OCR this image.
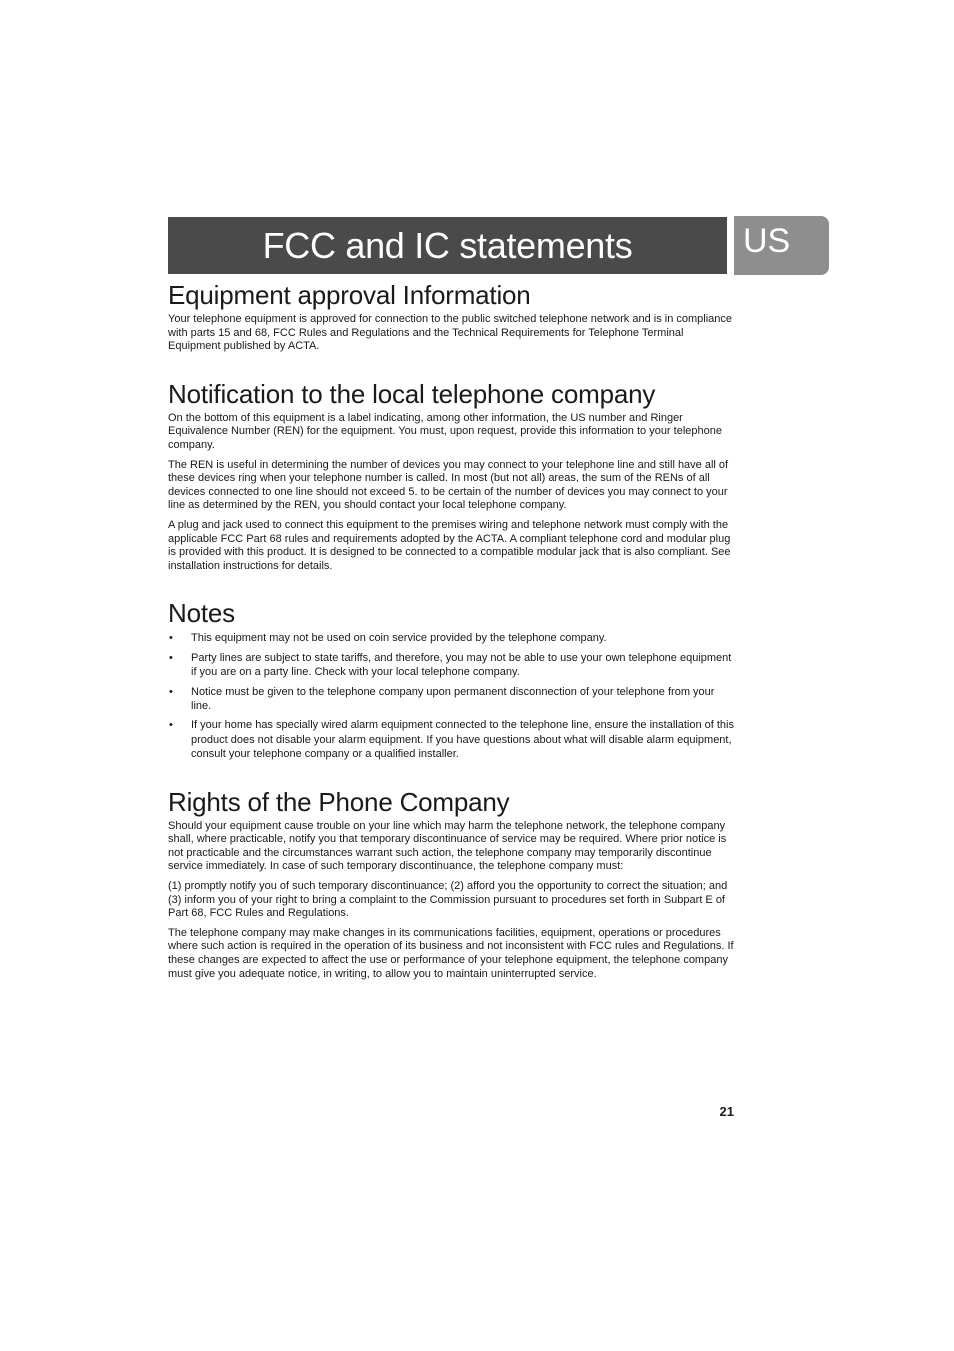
FCC and IC statements	US
Equipment approval Information

Your telephone equipment is approved for connection to the public switched telephone network and is in compliance with parts 15 and 68, FCC Rules and Regulations and the Technical Requirements for Telephone Terminal Equipment published by ACTA.

Notification to the local telephone company

On the bottom of this equipment is a label indicating, among other information, the US number and Ringer Equivalence Number (REN) for the equipment. You must, upon request, provide this information to your telephone company.

The REN is useful in determining the number of devices you may connect to your telephone line and still have all of these devices ring when your telephone number is called. In most (but not all) areas, the sum of the RENs of all devices connected to one line should not exceed 5. to be certain of the number of devices you may connect to your line as determined by the REN, you should contact your local telephone company.

A plug and jack used to connect this equipment to the premises wiring and telephone network must comply with the applicable FCC Part 68 rules and requirements adopted by the ACTA. A compliant telephone cord and modular plug is provided with this product. It is designed to be connected to a compatible modular jack that is also compliant. See installation instructions for details.

Notes
• This equipment may not be used on coin service provided by the telephone company.
• Party lines are subject to state tariffs, and therefore, you may not be able to use your own telephone equipment if you are on a party line. Check with your local telephone company.
• Notice must be given to the telephone company upon permanent disconnection of your telephone from your line.
• If your home has specially wired alarm equipment connected to the telephone line, ensure the installation of this product does not disable your alarm equipment. If you have questions about what will disable alarm equipment, consult your telephone company or a qualified installer.
Rights of the Phone Company

Should your equipment cause trouble on your line which may harm the telephone network, the telephone company shall, where practicable, notify you that temporary discontinuance of service may be required. Where prior notice is not practicable and the circumstances warrant such action, the telephone company may temporarily discontinue service immediately. In case of such temporary discontinuance, the telephone company must:

(1) promptly notify you of such temporary discontinuance; (2) afford you the opportunity to correct the situation; and (3) inform you of your right to bring a complaint to the Commission pursuant to procedures set forth in Subpart E of Part 68, FCC Rules and Regulations.

The telephone company may make changes in its communications facilities, equipment, operations or procedures where such action is required in the operation of its business and not inconsistent with FCC rules and Regulations. If these changes are expected to affect the use or performance of your telephone equipment, the telephone company must give you adequate notice, in writing, to allow you to maintain uninterrupted service.

21
